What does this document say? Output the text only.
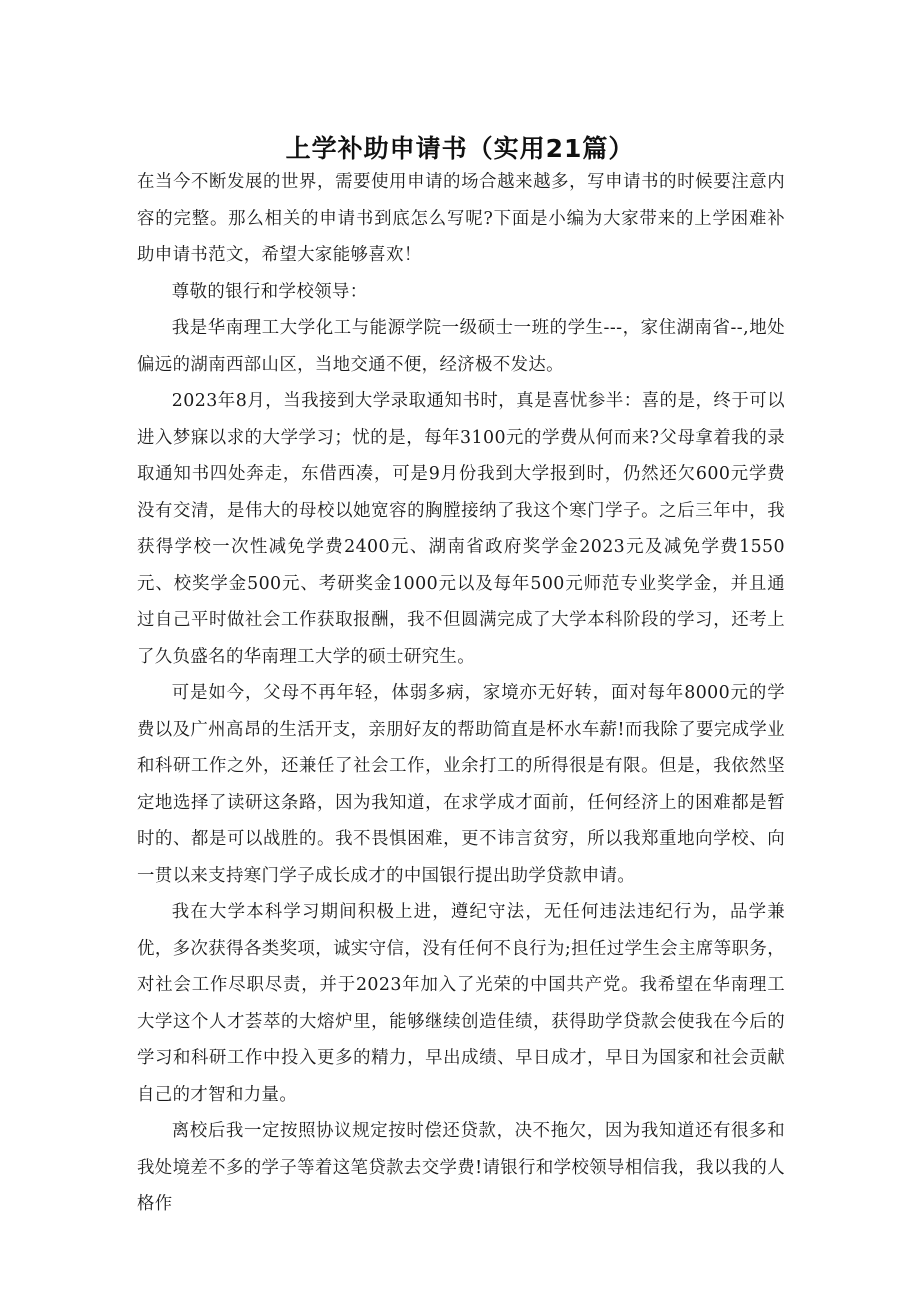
上学补助申请书（实用21篇）

在当今不断发展的世界，需要使用申请的场合越来越多，写申请书的时候要注意内容的完整。那么相关的申请书到底怎么写呢?下面是小编为大家带来的上学困难补助申请书范文，希望大家能够喜欢！

尊敬的银行和学校领导：

我是华南理工大学化工与能源学院一级硕士一班的学生---，家住湖南省--,地处偏远的湖南西部山区，当地交通不便，经济极不发达。

2023年8月，当我接到大学录取通知书时，真是喜忧参半：喜的是，终于可以进入梦寐以求的大学学习；忧的是，每年3100元的学费从何而来?父母拿着我的录取通知书四处奔走，东借西凑，可是9月份我到大学报到时，仍然还欠600元学费没有交清，是伟大的母校以她宽容的胸膛接纳了我这个寒门学子。之后三年中，我获得学校一次性减免学费2400元、湖南省政府奖学金2023元及减免学费1550元、校奖学金500元、考研奖金1000元以及每年500元师范专业奖学金，并且通过自己平时做社会工作获取报酬，我不但圆满完成了大学本科阶段的学习，还考上了久负盛名的华南理工大学的硕士研究生。

可是如今，父母不再年轻，体弱多病，家境亦无好转，面对每年8000元的学费以及广州高昂的生活开支，亲朋好友的帮助简直是杯水车薪!而我除了要完成学业和科研工作之外，还兼任了社会工作，业余打工的所得很是有限。但是，我依然坚定地选择了读研这条路，因为我知道，在求学成才面前，任何经济上的困难都是暂时的、都是可以战胜的。我不畏惧困难，更不讳言贫穷，所以我郑重地向学校、向一贯以来支持寒门学子成长成才的中国银行提出助学贷款申请。

我在大学本科学习期间积极上进，遵纪守法，无任何违法违纪行为，品学兼优，多次获得各类奖项，诚实守信，没有任何不良行为;担任过学生会主席等职务，对社会工作尽职尽责，并于2023年加入了光荣的中国共产党。我希望在华南理工大学这个人才荟萃的大熔炉里，能够继续创造佳绩，获得助学贷款会使我在今后的学习和科研工作中投入更多的精力，早出成绩、早日成才，早日为国家和社会贡献自己的才智和力量。

离校后我一定按照协议规定按时偿还贷款，决不拖欠，因为我知道还有很多和我处境差不多的学子等着这笔贷款去交学费!请银行和学校领导相信我，我以我的人格作
